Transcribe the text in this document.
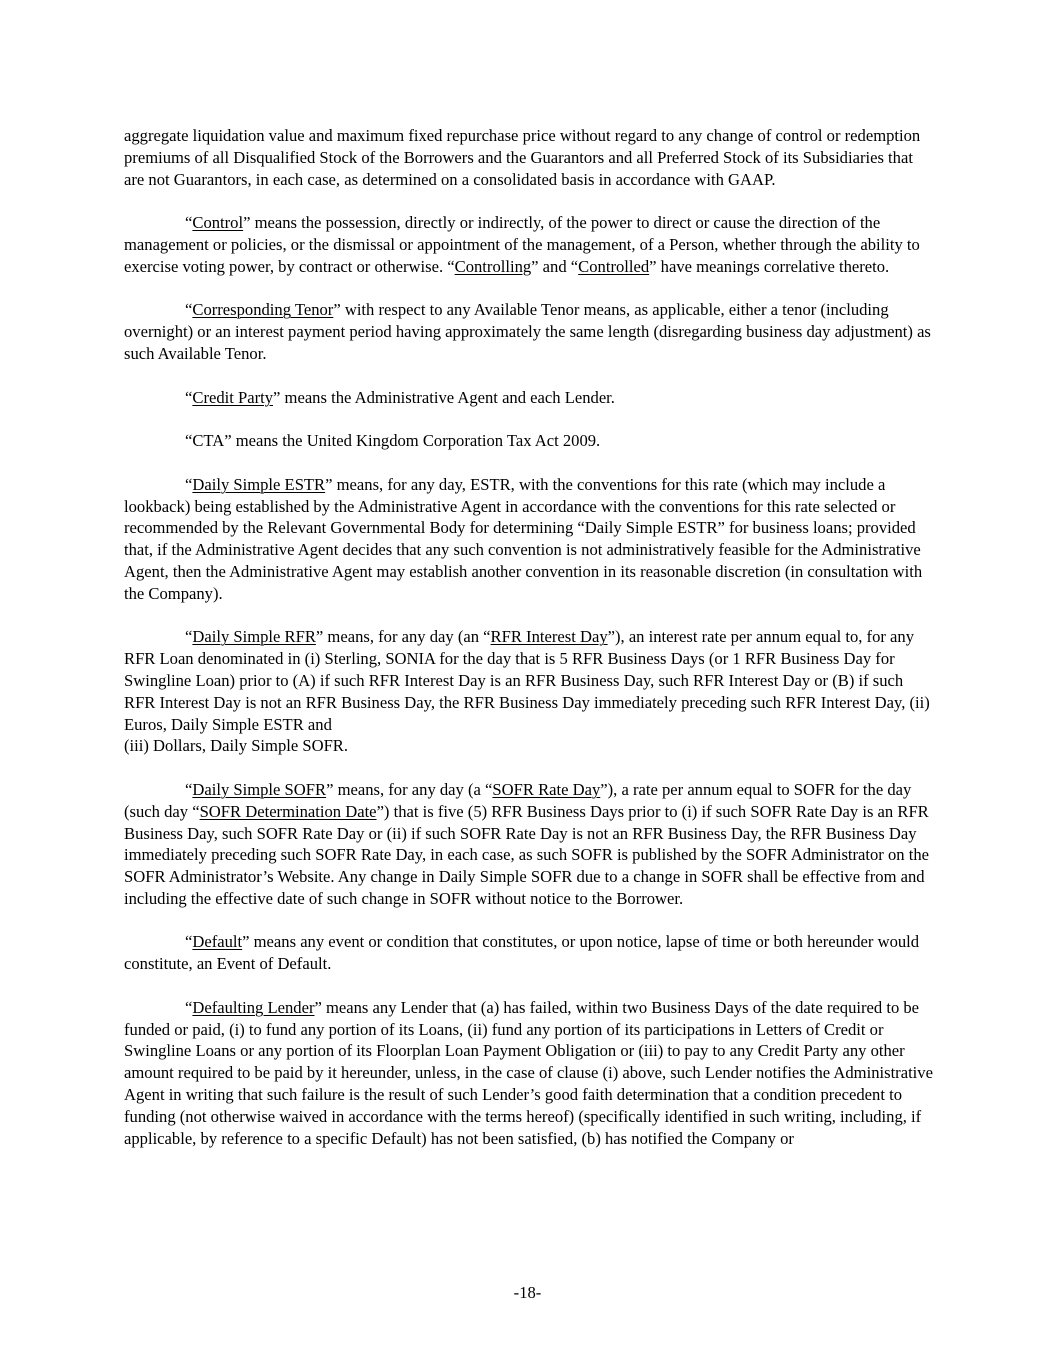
aggregate liquidation value and maximum fixed repurchase price without regard to any change of control or redemption premiums of all Disqualified Stock of the Borrowers and the Guarantors and all Preferred Stock of its Subsidiaries that are not Guarantors, in each case, as determined on a consolidated basis in accordance with GAAP.

“Control” means the possession, directly or indirectly, of the power to direct or cause the direction of the management or policies, or the dismissal or appointment of the management, of a Person, whether through the ability to exercise voting power, by contract or otherwise. “Controlling” and “Controlled” have meanings correlative thereto.

“Corresponding Tenor” with respect to any Available Tenor means, as applicable, either a tenor (including overnight) or an interest payment period having approximately the same length (disregarding business day adjustment) as such Available Tenor.

“Credit Party” means the Administrative Agent and each Lender.

“CTA” means the United Kingdom Corporation Tax Act 2009.

“Daily Simple ESTR” means, for any day, ESTR, with the conventions for this rate (which may include a lookback) being established by the Administrative Agent in accordance with the conventions for this rate selected or recommended by the Relevant Governmental Body for determining “Daily Simple ESTR” for business loans; provided that, if the Administrative Agent decides that any such convention is not administratively feasible for the Administrative Agent, then the Administrative Agent may establish another convention in its reasonable discretion (in consultation with the Company).

“Daily Simple RFR” means, for any day (an “RFR Interest Day”), an interest rate per annum equal to, for any RFR Loan denominated in (i) Sterling, SONIA for the day that is 5 RFR Business Days (or 1 RFR Business Day for Swingline Loan) prior to (A) if such RFR Interest Day is an RFR Business Day, such RFR Interest Day or (B) if such RFR Interest Day is not an RFR Business Day, the RFR Business Day immediately preceding such RFR Interest Day, (ii) Euros, Daily Simple ESTR and
(iii) Dollars, Daily Simple SOFR.

“Daily Simple SOFR” means, for any day (a “SOFR Rate Day”), a rate per annum equal to SOFR for the day (such day “SOFR Determination Date”) that is five (5) RFR Business Days prior to (i) if such SOFR Rate Day is an RFR Business Day, such SOFR Rate Day or (ii) if such SOFR Rate Day is not an RFR Business Day, the RFR Business Day immediately preceding such SOFR Rate Day, in each case, as such SOFR is published by the SOFR Administrator on the SOFR Administrator’s Website. Any change in Daily Simple SOFR due to a change in SOFR shall be effective from and including the effective date of such change in SOFR without notice to the Borrower.

“Default” means any event or condition that constitutes, or upon notice, lapse of time or both hereunder would constitute, an Event of Default.

“Defaulting Lender” means any Lender that (a) has failed, within two Business Days of the date required to be funded or paid, (i) to fund any portion of its Loans, (ii) fund any portion of its participations in Letters of Credit or Swingline Loans or any portion of its Floorplan Loan Payment Obligation or (iii) to pay to any Credit Party any other amount required to be paid by it hereunder, unless, in the case of clause (i) above, such Lender notifies the Administrative Agent in writing that such failure is the result of such Lender’s good faith determination that a condition precedent to funding (not otherwise waived in accordance with the terms hereof) (specifically identified in such writing, including, if applicable, by reference to a specific Default) has not been satisfied, (b) has notified the Company or

-18-
